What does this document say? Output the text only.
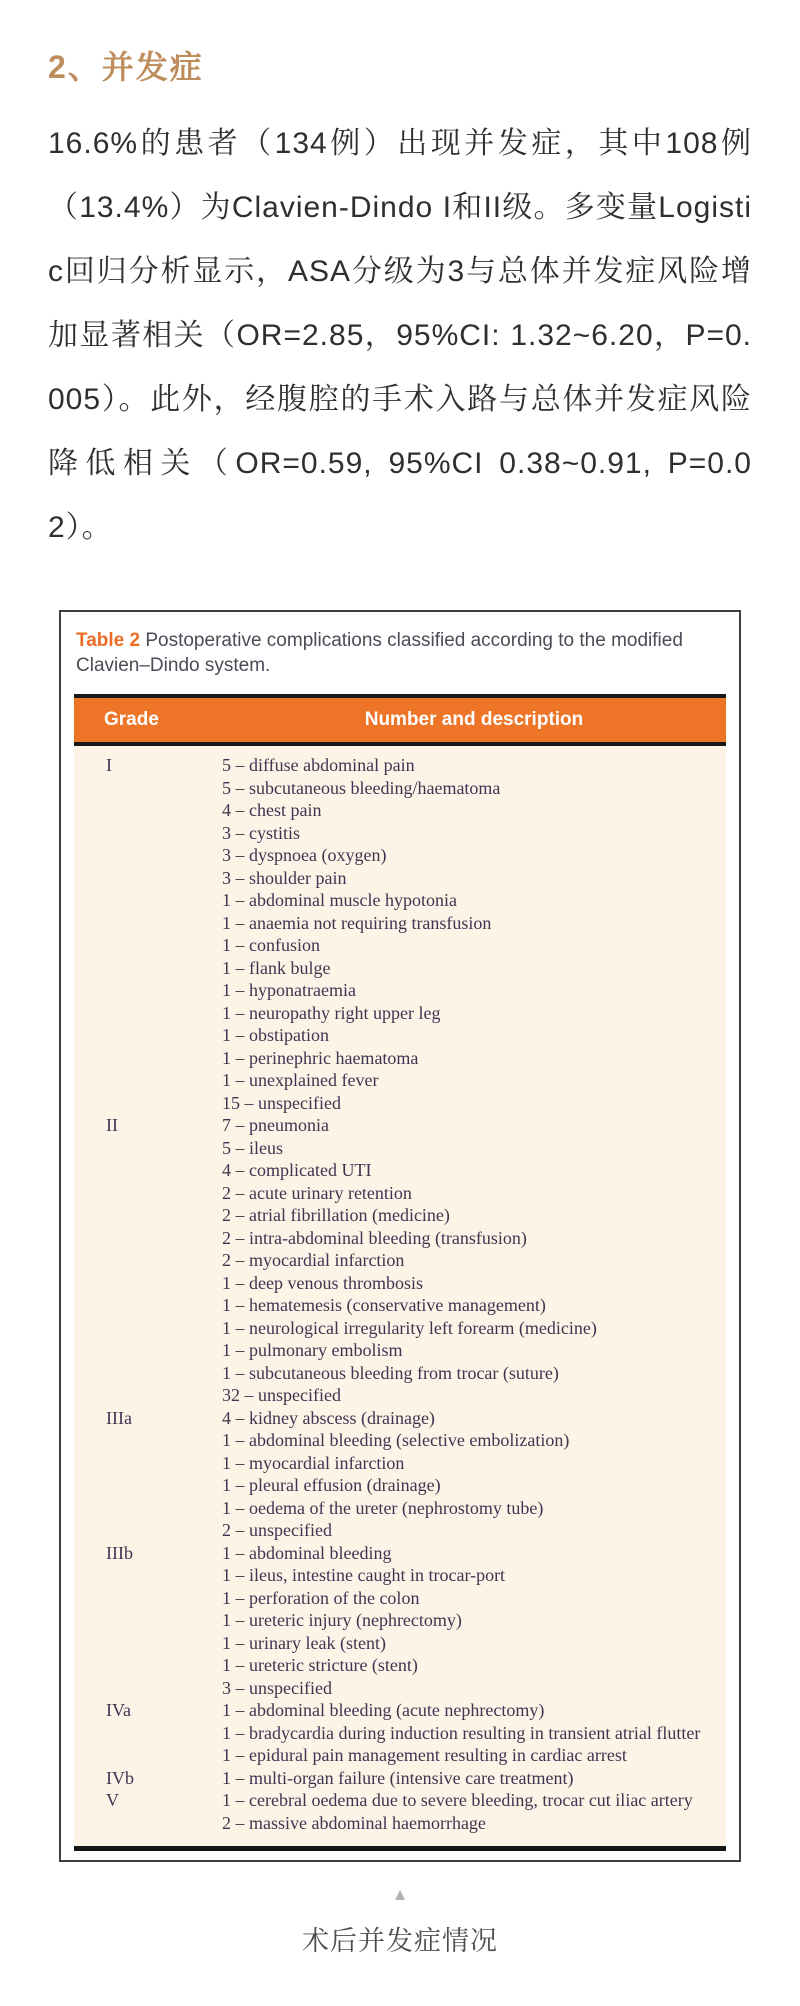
2、并发症

16.6%的患者（134例）出现并发症，其中108例（13.4%）为Clavien-Dindo I和II级。多变量Logistic回归分析显示，ASA分级为3与总体并发症风险增加显著相关（OR=2.85，95%CI: 1.32~6.20，P=0.005）。此外，经腹腔的手术入路与总体并发症风险降低相关（OR=0.59, 95%CI 0.38~0.91, P=0.02）。

Table 2 Postoperative complications classified according to the modified Clavien–Dindo system.
Grade	Number and description
I	5 – diffuse abdominal pain
5 – subcutaneous bleeding/haematoma
4 – chest pain
3 – cystitis
3 – dyspnoea (oxygen)
3 – shoulder pain
1 – abdominal muscle hypotonia
1 – anaemia not requiring transfusion
1 – confusion
1 – flank bulge
1 – hyponatraemia
1 – neuropathy right upper leg
1 – obstipation
1 – perinephric haematoma
1 – unexplained fever
15 – unspecified
II	7 – pneumonia
5 – ileus
4 – complicated UTI
2 – acute urinary retention
2 – atrial fibrillation (medicine)
2 – intra-abdominal bleeding (transfusion)
2 – myocardial infarction
1 – deep venous thrombosis
1 – hematemesis (conservative management)
1 – neurological irregularity left forearm (medicine)
1 – pulmonary embolism
1 – subcutaneous bleeding from trocar (suture)
32 – unspecified
IIIa	4 – kidney abscess (drainage)
1 – abdominal bleeding (selective embolization)
1 – myocardial infarction
1 – pleural effusion (drainage)
1 – oedema of the ureter (nephrostomy tube)
2 – unspecified
IIIb	1 – abdominal bleeding
1 – ileus, intestine caught in trocar-port
1 – perforation of the colon
1 – ureteric injury (nephrectomy)
1 – urinary leak (stent)
1 – ureteric stricture (stent)
3 – unspecified
IVa	1 – abdominal bleeding (acute nephrectomy)
1 – bradycardia during induction resulting in transient atrial flutter
1 – epidural pain management resulting in cardiac arrest
IVb	1 – multi-organ failure (intensive care treatment)
V	1 – cerebral oedema due to severe bleeding, trocar cut iliac artery
2 – massive abdominal haemorrhage
▲
术后并发症情况
